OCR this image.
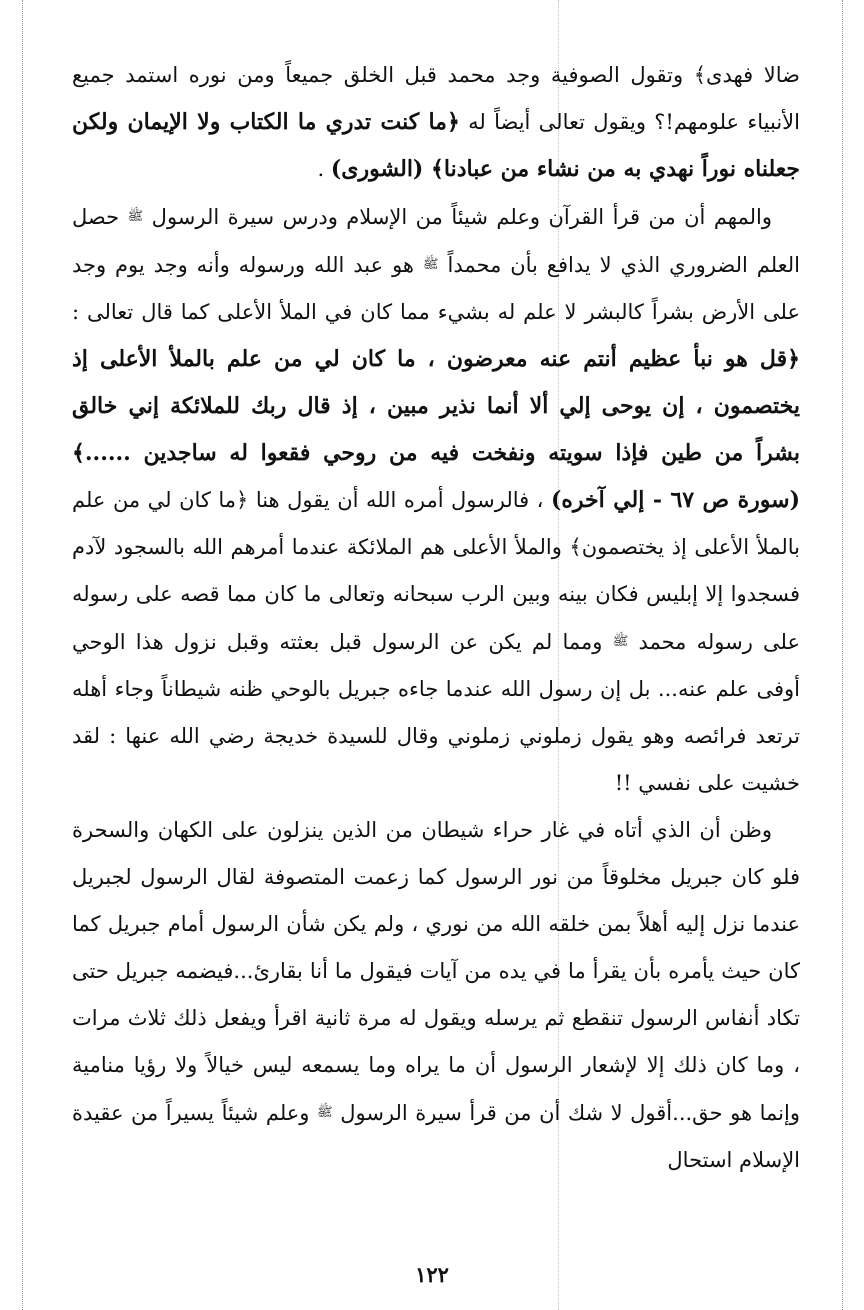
ضالا فهدى﴾ وتقول الصوفية وجد محمد قبل الخلق جميعاً ومن نوره استمد جميع الأنبياء علومهم!؟ ويقول تعالى أيضاً له ﴿ما كنت تدري ما الكتاب ولا الإيمان ولكن جعلناه نوراً نهدي به من نشاء من عبادنا﴾ (الشورى) .

والمهم أن من قرأ القرآن وعلم شيئاً من الإسلام ودرس سيرة الرسول ﷺ حصل العلم الضروري الذي لا يدافع بأن محمداً ﷺ هو عبد الله ورسوله وأنه وجد يوم وجد على الأرض بشراً كالبشر لا علم له بشيء مما كان في الملأ الأعلى كما قال تعالى : ﴿قل هو نبأ عظيم أنتم عنه معرضون ، ما كان لي من علم بالملأ الأعلى إذ يختصمون ، إن يوحى إلي ألا أنما نذير مبين ، إذ قال ربك للملائكة إني خالق بشراً من طين فإذا سويته ونفخت فيه من روحي فقعوا له ساجدين ......﴾(سورة ص ٦٧ - إلي آخره) ، فالرسول أمره الله أن يقول هنا ﴿ما كان لي من علم بالملأ الأعلى إذ يختصمون﴾ والملأ الأعلى هم الملائكة عندما أمرهم الله بالسجود لآدم فسجدوا إلا إبليس فكان بينه وبين الرب سبحانه وتعالى ما كان مما قصه على رسوله على رسوله محمد ﷺ ومما لم يكن عن الرسول قبل بعثته وقبل نزول هذا الوحي أوفى علم عنه... بل إن رسول الله عندما جاءه جبريل بالوحي ظنه شيطاناً وجاء أهله ترتعد فرائصه وهو يقول زملوني زملوني وقال للسيدة خديجة رضي الله عنها : لقد خشيت على نفسي !!

وظن أن الذي أتاه في غار حراء شيطان من الذين ينزلون على الكهان والسحرة فلو كان جبريل مخلوقاً من نور الرسول كما زعمت المتصوفة لقال الرسول لجبريل عندما نزل إليه أهلاً بمن خلقه الله من نوري ، ولم يكن شأن الرسول أمام جبريل كما كان حيث يأمره بأن يقرأ ما في يده من آيات فيقول ما أنا بقارئ...فيضمه جبريل حتى تكاد أنفاس الرسول تنقطع ثم يرسله ويقول له مرة ثانية اقرأ ويفعل ذلك ثلاث مرات ، وما كان ذلك إلا لإشعار الرسول أن ما يراه وما يسمعه ليس خيالاً ولا رؤيا منامية وإنما هو حق...أقول لا شك أن من قرأ سيرة الرسول ﷺ وعلم شيئاً يسيراً من عقيدة الإسلام استحال

١٢٢
